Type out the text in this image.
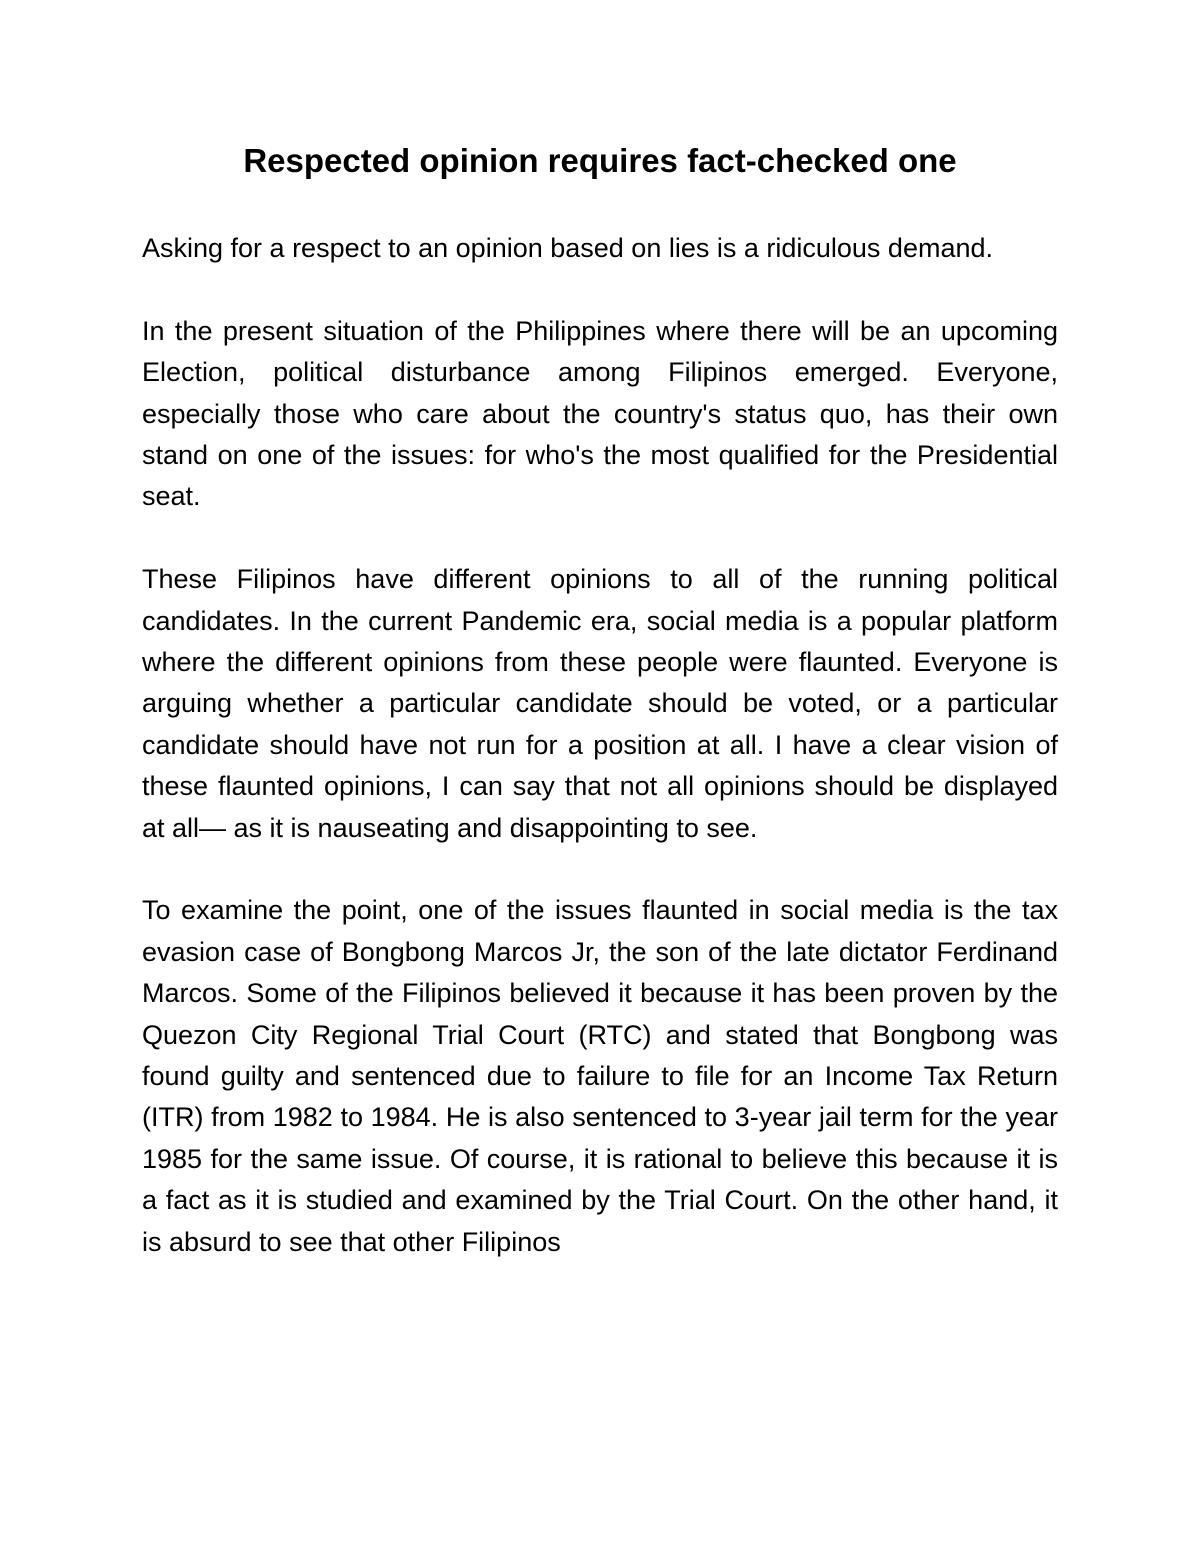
Respected opinion requires fact-checked one

Asking for a respect to an opinion based on lies is a ridiculous demand.

In the present situation of the Philippines where there will be an upcoming Election, political disturbance among Filipinos emerged. Everyone, especially those who care about the country's status quo, has their own stand on one of the issues: for who's the most qualified for the Presidential seat.

These Filipinos have different opinions to all of the running political candidates. In the current Pandemic era, social media is a popular platform where the different opinions from these people were flaunted. Everyone is arguing whether a particular candidate should be voted, or a particular candidate should have not run for a position at all. I have a clear vision of these flaunted opinions, I can say that not all opinions should be displayed at all— as it is nauseating and disappointing to see.

To examine the point, one of the issues flaunted in social media is the tax evasion case of Bongbong Marcos Jr, the son of the late dictator Ferdinand Marcos. Some of the Filipinos believed it because it has been proven by the Quezon City Regional Trial Court (RTC) and stated that Bongbong was found guilty and sentenced due to failure to file for an Income Tax Return (ITR) from 1982 to 1984. He is also sentenced to 3-year jail term for the year 1985 for the same issue. Of course, it is rational to believe this because it is a fact as it is studied and examined by the Trial Court. On the other hand, it is absurd to see that other Filipinos
